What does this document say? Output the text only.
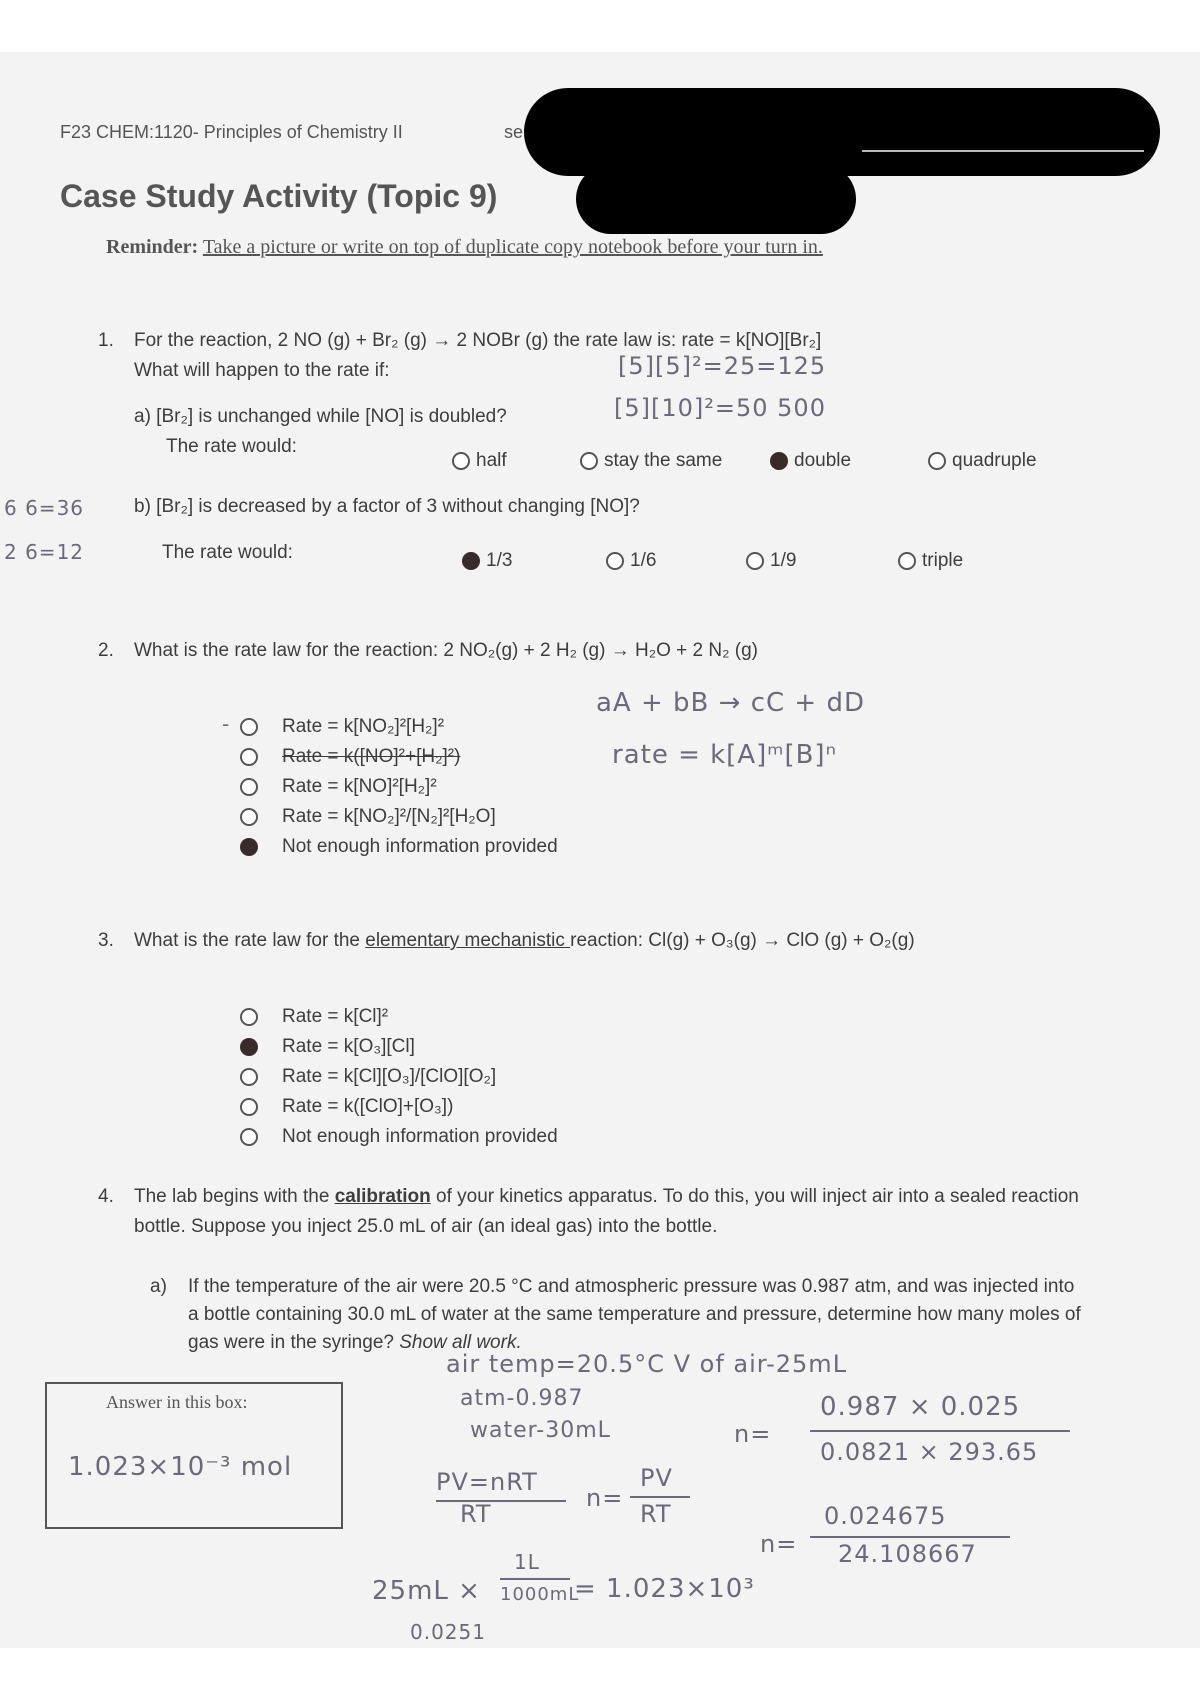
F23 CHEM:1120- Principles of Chemistry II	se
Case Study Activity (Topic 9)
Reminder: Take a picture or write on top of duplicate copy notebook before your turn in.
1. For the reaction, 2 NO (g) + Br₂ (g) → 2 NOBr (g) the rate law is: rate = k[NO][Br₂]
What will happen to the rate if:	[5][5]²=25=125
[5][10]²=50 500
a) [Br₂] is unchanged while [NO] is doubled?
The rate would:
half	stay the same	double	quadruple
6 6=36
2 6=12
b) [Br₂] is decreased by a factor of 3 without changing [NO]?
The rate would:	1/3	1/6	1/9	triple
2. What is the rate law for the reaction: 2 NO₂(g) + 2 H₂ (g) → H₂O + 2 N₂ (g)
aA + bB → cC + dD
rate = k[A]ᵐ[B]ⁿ
-	Rate = k[NO₂]²[H₂]²
Rate = k([NO]²+[H₂]²)
Rate = k[NO]²[H₂]²
Rate = k[NO₂]²/[N₂]²[H₂O]
Not enough information provided
3. What is the rate law for the elementary mechanistic reaction: Cl(g) + O₃(g) → ClO (g) + O₂(g)
Rate = k[Cl]²
Rate = k[O₃][Cl]
Rate = k[Cl][O₃]/[ClO][O₂]
Rate = k([ClO]+[O₃])
Not enough information provided
4. The lab begins with the calibration of your kinetics apparatus. To do this, you will inject air into a sealed reaction
bottle. Suppose you inject 25.0 mL of air (an ideal gas) into the bottle.
a) If the temperature of the air were 20.5 °C and atmospheric pressure was 0.987 atm, and was injected into
a bottle containing 30.0 mL of water at the same temperature and pressure, determine how many moles of
gas were in the syringe? Show all work.
Answer in this box:
1.023×10⁻³ mol
air temp=20.5°C V of air-25mL
atm-0.987
water-30mL
PV=nRT
RT
n=
PV
RT
n=
0.987 × 0.025
0.0821 × 293.65
n=
0.024675
24.108667
25mL ×
1L
1000mL
= 1.023×10³
0.0251
